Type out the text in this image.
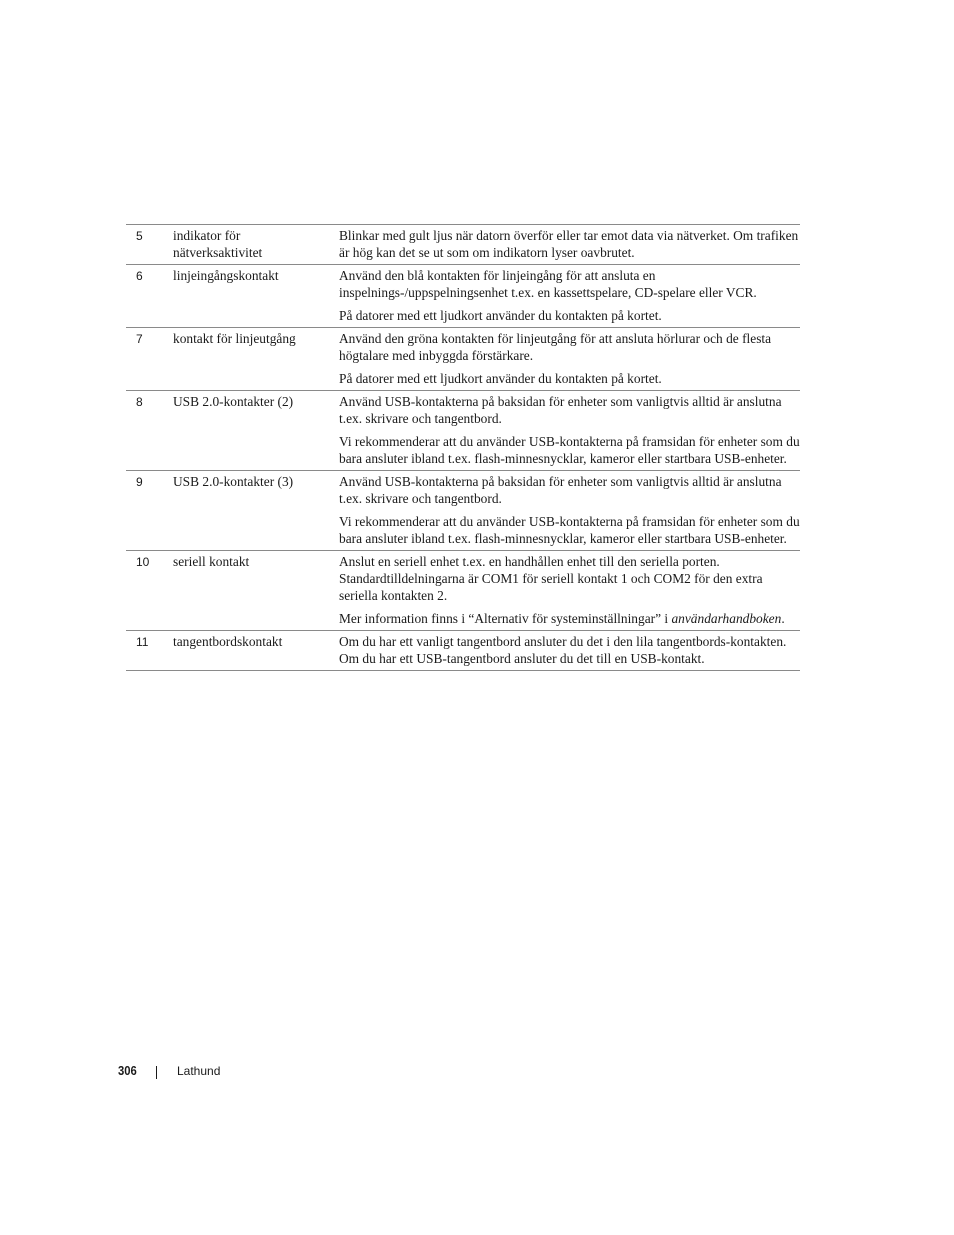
5	indikator för nätverksaktivitet	Blinkar med gult ljus när datorn överför eller tar emot data via nätverket. Om trafiken är hög kan det se ut som om indikatorn lyser oavbrutet.

6	linjeingångskontakt	Använd den blå kontakten för linjeingång för att ansluta en inspelnings-/uppspelningsenhet t.ex. en kassettspelare, CD-spelare eller VCR.

På datorer med ett ljudkort använder du kontakten på kortet.

7	kontakt för linjeutgång	Använd den gröna kontakten för linjeutgång för att ansluta hörlurar och de flesta högtalare med inbyggda förstärkare.

På datorer med ett ljudkort använder du kontakten på kortet.

8	USB 2.0-kontakter (2)	Använd USB-kontakterna på baksidan för enheter som vanligtvis alltid är anslutna t.ex. skrivare och tangentbord.

Vi rekommenderar att du använder USB-kontakterna på framsidan för enheter som du bara ansluter ibland t.ex. flash-minnesnycklar, kameror eller startbara USB-enheter.

9	USB 2.0-kontakter (3)	Använd USB-kontakterna på baksidan för enheter som vanligtvis alltid är anslutna t.ex. skrivare och tangentbord.

Vi rekommenderar att du använder USB-kontakterna på framsidan för enheter som du bara ansluter ibland t.ex. flash-minnesnycklar, kameror eller startbara USB-enheter.

10	seriell kontakt	Anslut en seriell enhet t.ex. en handhållen enhet till den seriella porten. Standardtilldelningarna är COM1 för seriell kontakt 1 och COM2 för den extra seriella kontakten 2.

Mer information finns i “Alternativ för systeminställningar” i användarhandboken.

11	tangentbordskontakt	Om du har ett vanligt tangentbord ansluter du det i den lila tangentbords-kontakten. Om du har ett USB-tangentbord ansluter du det till en USB-kontakt.

306	Lathund
